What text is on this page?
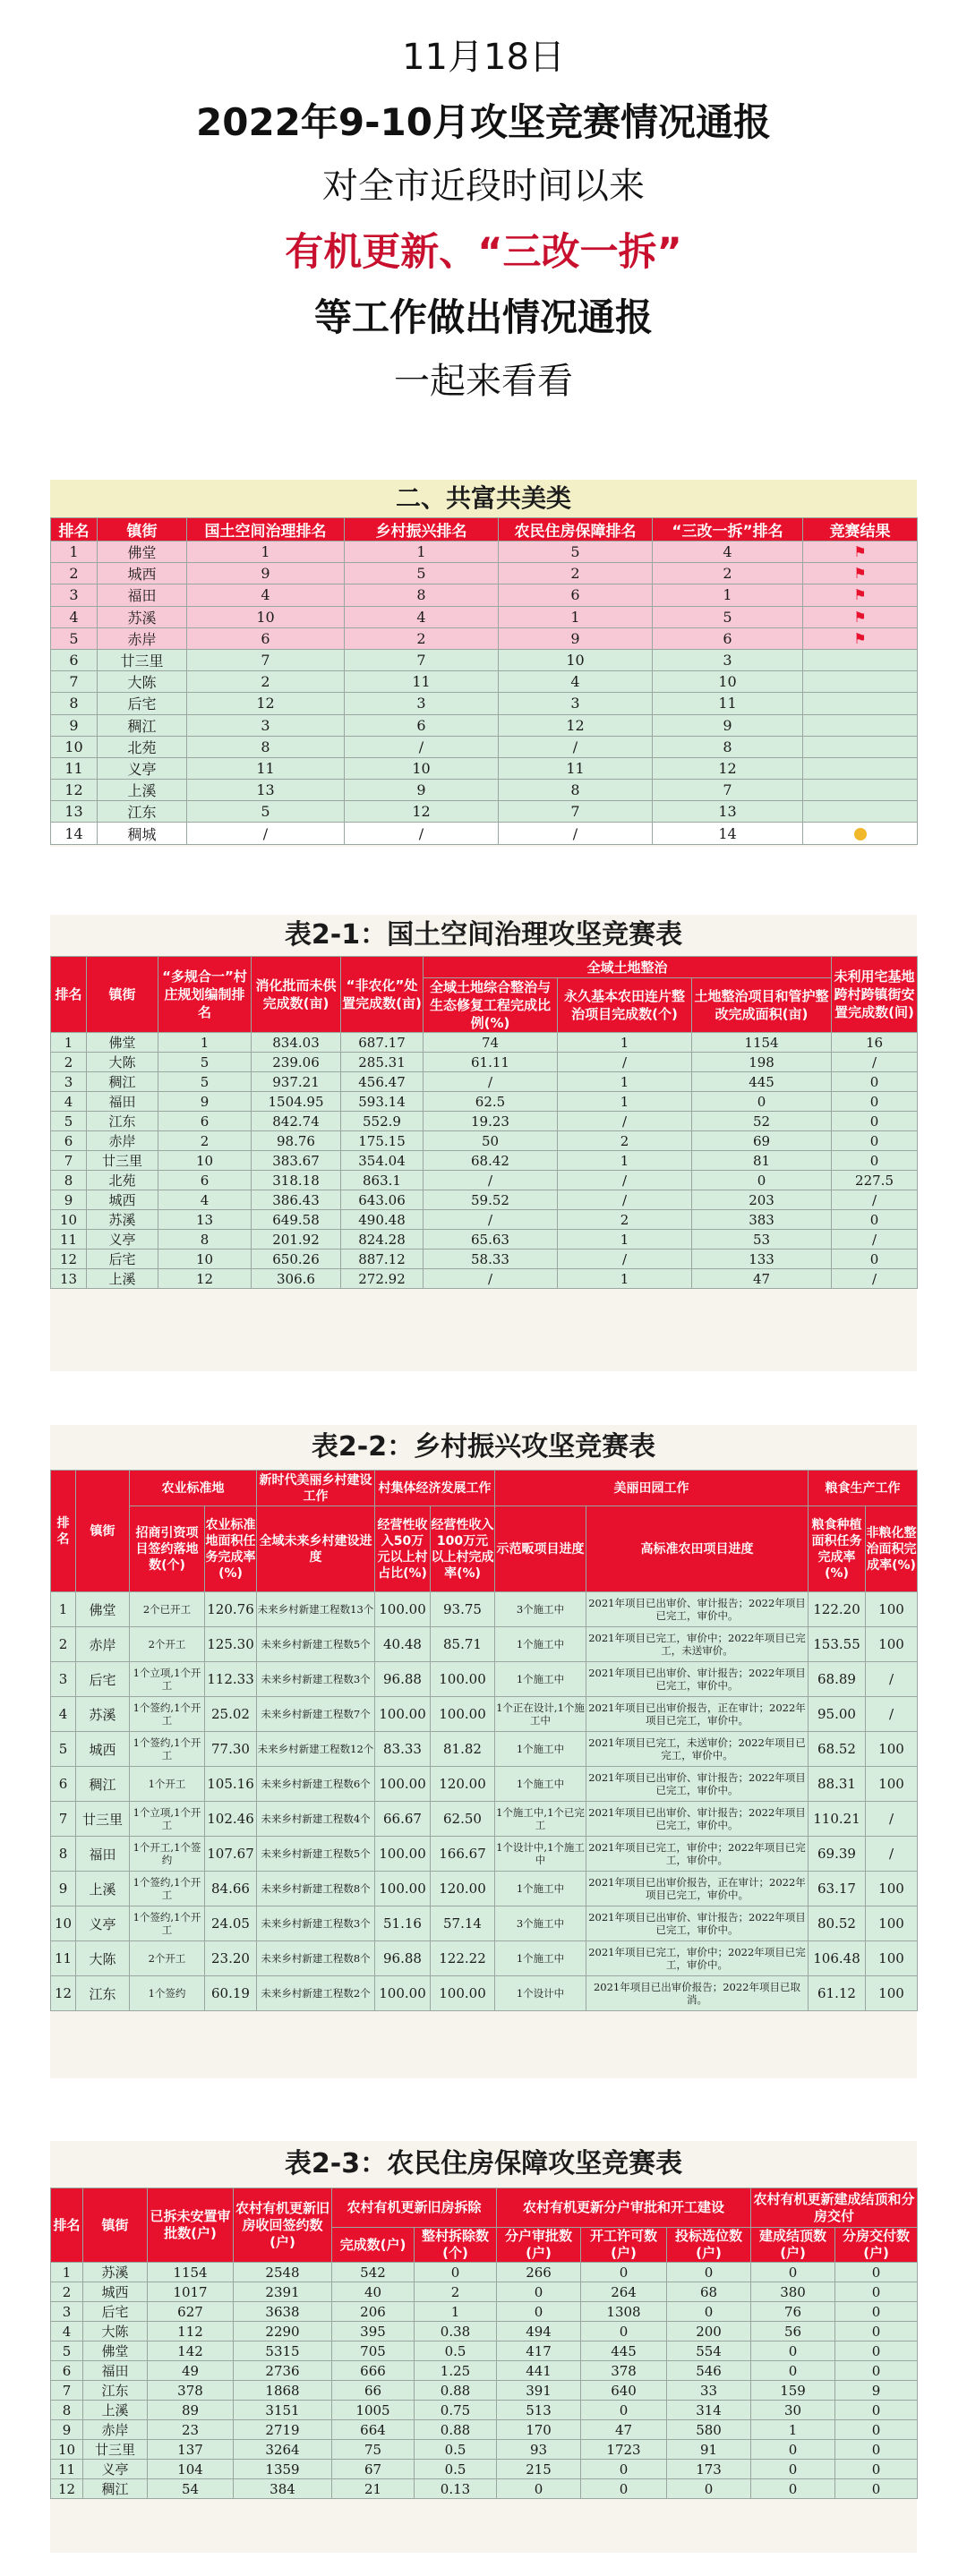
11月18日
2022年9-10月攻坚竞赛情况通报
对全市近段时间以来
有机更新、“三改一拆”
等工作做出情况通报
一起来看看
二、共富共美类
排名	镇街	国土空间治理排名	乡村振兴排名	农民住房保障排名	“三改一拆”排名	竞赛结果
1	佛堂	1	1	5	4	⚑
2	城西	9	5	2	2	⚑
3	福田	4	8	6	1	⚑
4	苏溪	10	4	1	5	⚑
5	赤岸	6	2	9	6	⚑
6	廿三里	7	7	10	3	
7	大陈	2	11	4	10	
8	后宅	12	3	3	11	
9	稠江	3	6	12	9	
10	北苑	8	/	/	8	
11	义亭	11	10	11	12	
12	上溪	13	9	8	7	
13	江东	5	12	7	13	
14	稠城	/	/	/	14	
表2-1：国土空间治理攻坚竞赛表
排名	镇街	“多规合一”村庄规划编制排名	消化批而未供完成数(亩)	“非农化”处置完成数(亩)	全域土地整治			未利用宅基地跨村跨镇街安置完成数(间)
					全域土地综合整治与生态修复工程完成比例(%)	永久基本农田连片整治项目完成数(个)	土地整治项目和管护整改完成面积(亩)	
1	佛堂	1	834.03	687.17	74	1	1154	16
2	大陈	5	239.06	285.31	61.11	/	198	/
3	稠江	5	937.21	456.47	/	1	445	0
4	福田	9	1504.95	593.14	62.5	1	0	0
5	江东	6	842.74	552.9	19.23	/	52	0
6	赤岸	2	98.76	175.15	50	2	69	0
7	廿三里	10	383.67	354.04	68.42	1	81	0
8	北苑	6	318.18	863.1	/	/	0	227.5
9	城西	4	386.43	643.06	59.52	/	203	/
10	苏溪	13	649.58	490.48	/	2	383	0
11	义亭	8	201.92	824.28	65.63	1	53	/
12	后宅	10	650.26	887.12	58.33	/	133	0
13	上溪	12	306.6	272.92	/	1	47	/
表2-2：乡村振兴攻坚竞赛表
排名	镇街	农业标准地		新时代美丽乡村建设工作	村集体经济发展工作		美丽田园工作		粮食生产工作	
		招商引资项目签约落地数(个)	农业标准地面积任务完成率(%)	全域未来乡村建设进度	经营性收入50万元以上村占比(%)	经营性收入100万元以上村完成率(%)	示范畈项目进度	高标准农田项目进度	粮食种植面积任务完成率(%)	非粮化整治面积完成率(%)
1	佛堂	2个已开工	120.76	未来乡村新建工程数13个	100.00	93.75	3个施工中	2021年项目已出审价、审计报告；2022年项目已完工，审价中。	122.20	100
2	赤岸	2个开工	125.30	未来乡村新建工程数5个	40.48	85.71	1个施工中	2021年项目已完工，审价中；2022年项目已完工，未送审价。	153.55	100
3	后宅	1个立项,1个开工	112.33	未来乡村新建工程数3个	96.88	100.00	1个施工中	2021年项目已出审价、审计报告；2022年项目已完工，审价中。	68.89	/
4	苏溪	1个签约,1个开工	25.02	未来乡村新建工程数7个	100.00	100.00	1个正在设计,1个施工中	2021年项目已出审价报告，正在审计；2022年项目已完工，审价中。	95.00	/
5	城西	1个签约,1个开工	77.30	未来乡村新建工程数12个	83.33	81.82	1个施工中	2021年项目已完工，未送审价；2022年项目已完工，审价中。	68.52	100
6	稠江	1个开工	105.16	未来乡村新建工程数6个	100.00	120.00	1个施工中	2021年项目已出审价、审计报告；2022年项目已完工，审价中。	88.31	100
7	廿三里	1个立项,1个开工	102.46	未来乡村新建工程数4个	66.67	62.50	1个施工中,1个已完工	2021年项目已出审价、审计报告；2022年项目已完工，审价中。	110.21	/
8	福田	1个开工,1个签约	107.67	未来乡村新建工程数5个	100.00	166.67	1个设计中,1个施工中	2021年项目已完工，审价中；2022年项目已完工，审价中。	69.39	/
9	上溪	1个签约,1个开工	84.66	未来乡村新建工程数8个	100.00	120.00	1个施工中	2021年项目已出审价报告，正在审计；2022年项目已完工，审价中。	63.17	100
10	义亭	1个签约,1个开工	24.05	未来乡村新建工程数3个	51.16	57.14	3个施工中	2021年项目已出审价、审计报告；2022年项目已完工，审价中。	80.52	100
11	大陈	2个开工	23.20	未来乡村新建工程数8个	96.88	122.22	1个施工中	2021年项目已完工，审价中；2022年项目已完工，审价中。	106.48	100
12	江东	1个签约	60.19	未来乡村新建工程数2个	100.00	100.00	1个设计中	2021年项目已出审价报告；2022年项目已取消。	61.12	100
表2-3：农民住房保障攻坚竞赛表
排名	镇街	已拆未安置审批数(户)	农村有机更新旧房收回签约数(户)	农村有机更新旧房拆除		农村有机更新分户审批和开工建设			农村有机更新建成结顶和分房交付	
				完成数(户)	整村拆除数(个)	分户审批数(户)	开工许可数(户)	投标选位数(户)	建成结顶数(户)	分房交付数(户)
1	苏溪	1154	2548	542	0	266	0	0	0	0
2	城西	1017	2391	40	2	0	264	68	380	0
3	后宅	627	3638	206	1	0	1308	0	76	0
4	大陈	112	2290	395	0.38	494	0	200	56	0
5	佛堂	142	5315	705	0.5	417	445	554	0	0
6	福田	49	2736	666	1.25	441	378	546	0	0
7	江东	378	1868	66	0.88	391	640	33	159	9
8	上溪	89	3151	1005	0.75	513	0	314	30	0
9	赤岸	23	2719	664	0.88	170	47	580	1	0
10	廿三里	137	3264	75	0.5	93	1723	91	0	0
11	义亭	104	1359	67	0.5	215	0	173	0	0
12	稠江	54	384	21	0.13	0	0	0	0	0
